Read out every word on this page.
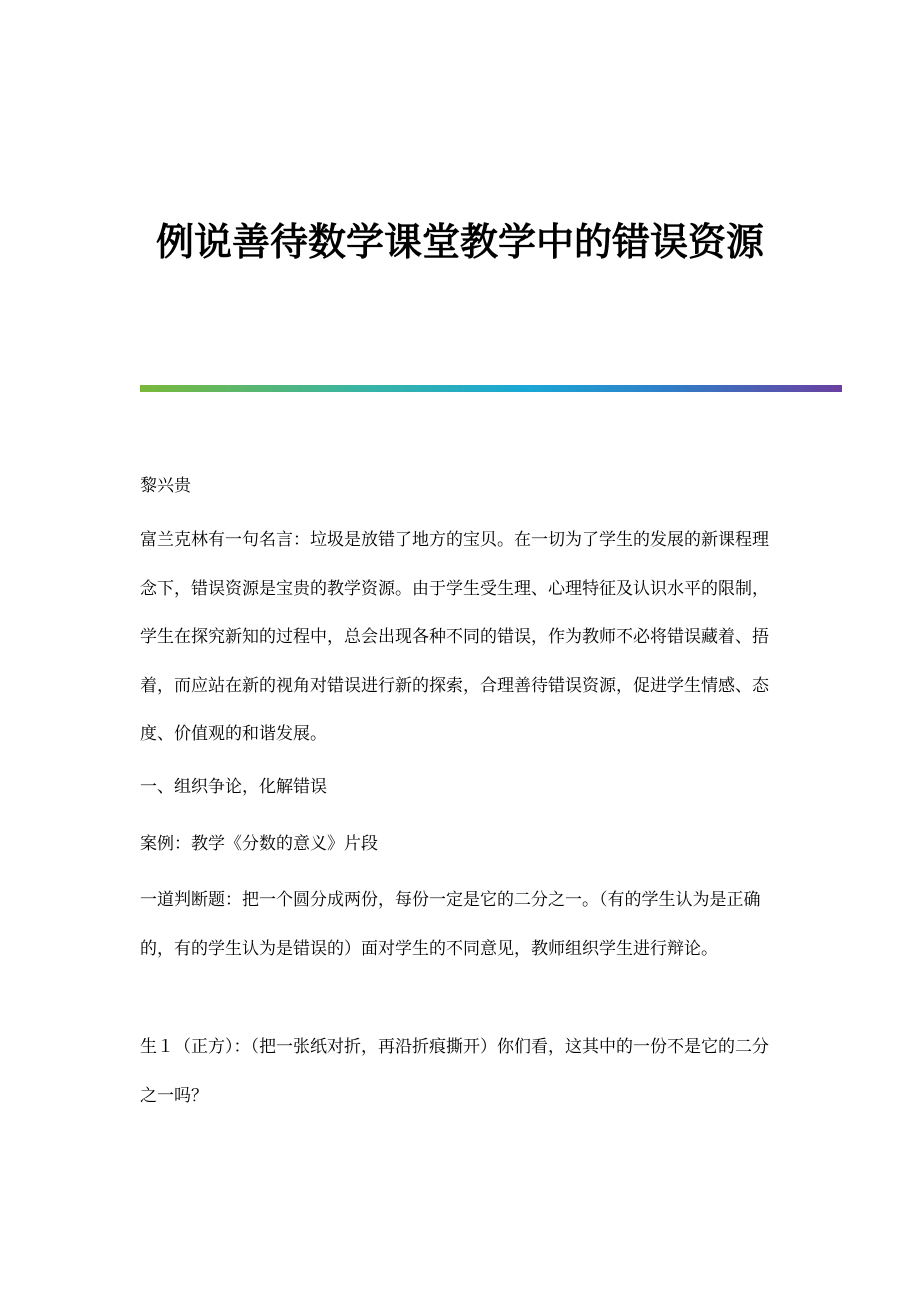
例说善待数学课堂教学中的错误资源

黎兴贵

富兰克林有一句名言：垃圾是放错了地方的宝贝。在一切为了学生的发展的新课程理念下，错误资源是宝贵的教学资源。由于学生受生理、心理特征及认识水平的限制，学生在探究新知的过程中，总会出现各种不同的错误，作为教师不必将错误藏着、捂着，而应站在新的视角对错误进行新的探索，合理善待错误资源，促进学生情感、态度、价值观的和谐发展。

一、组织争论，化解错误

案例：教学《分数的意义》片段

一道判断题：把一个圆分成两份，每份一定是它的二分之一。（有的学生认为是正确的，有的学生认为是错误的）面对学生的不同意见，教师组织学生进行辩论。

生１（正方）：（把一张纸对折，再沿折痕撕开）你们看，这其中的一份不是它的二分之一吗？
